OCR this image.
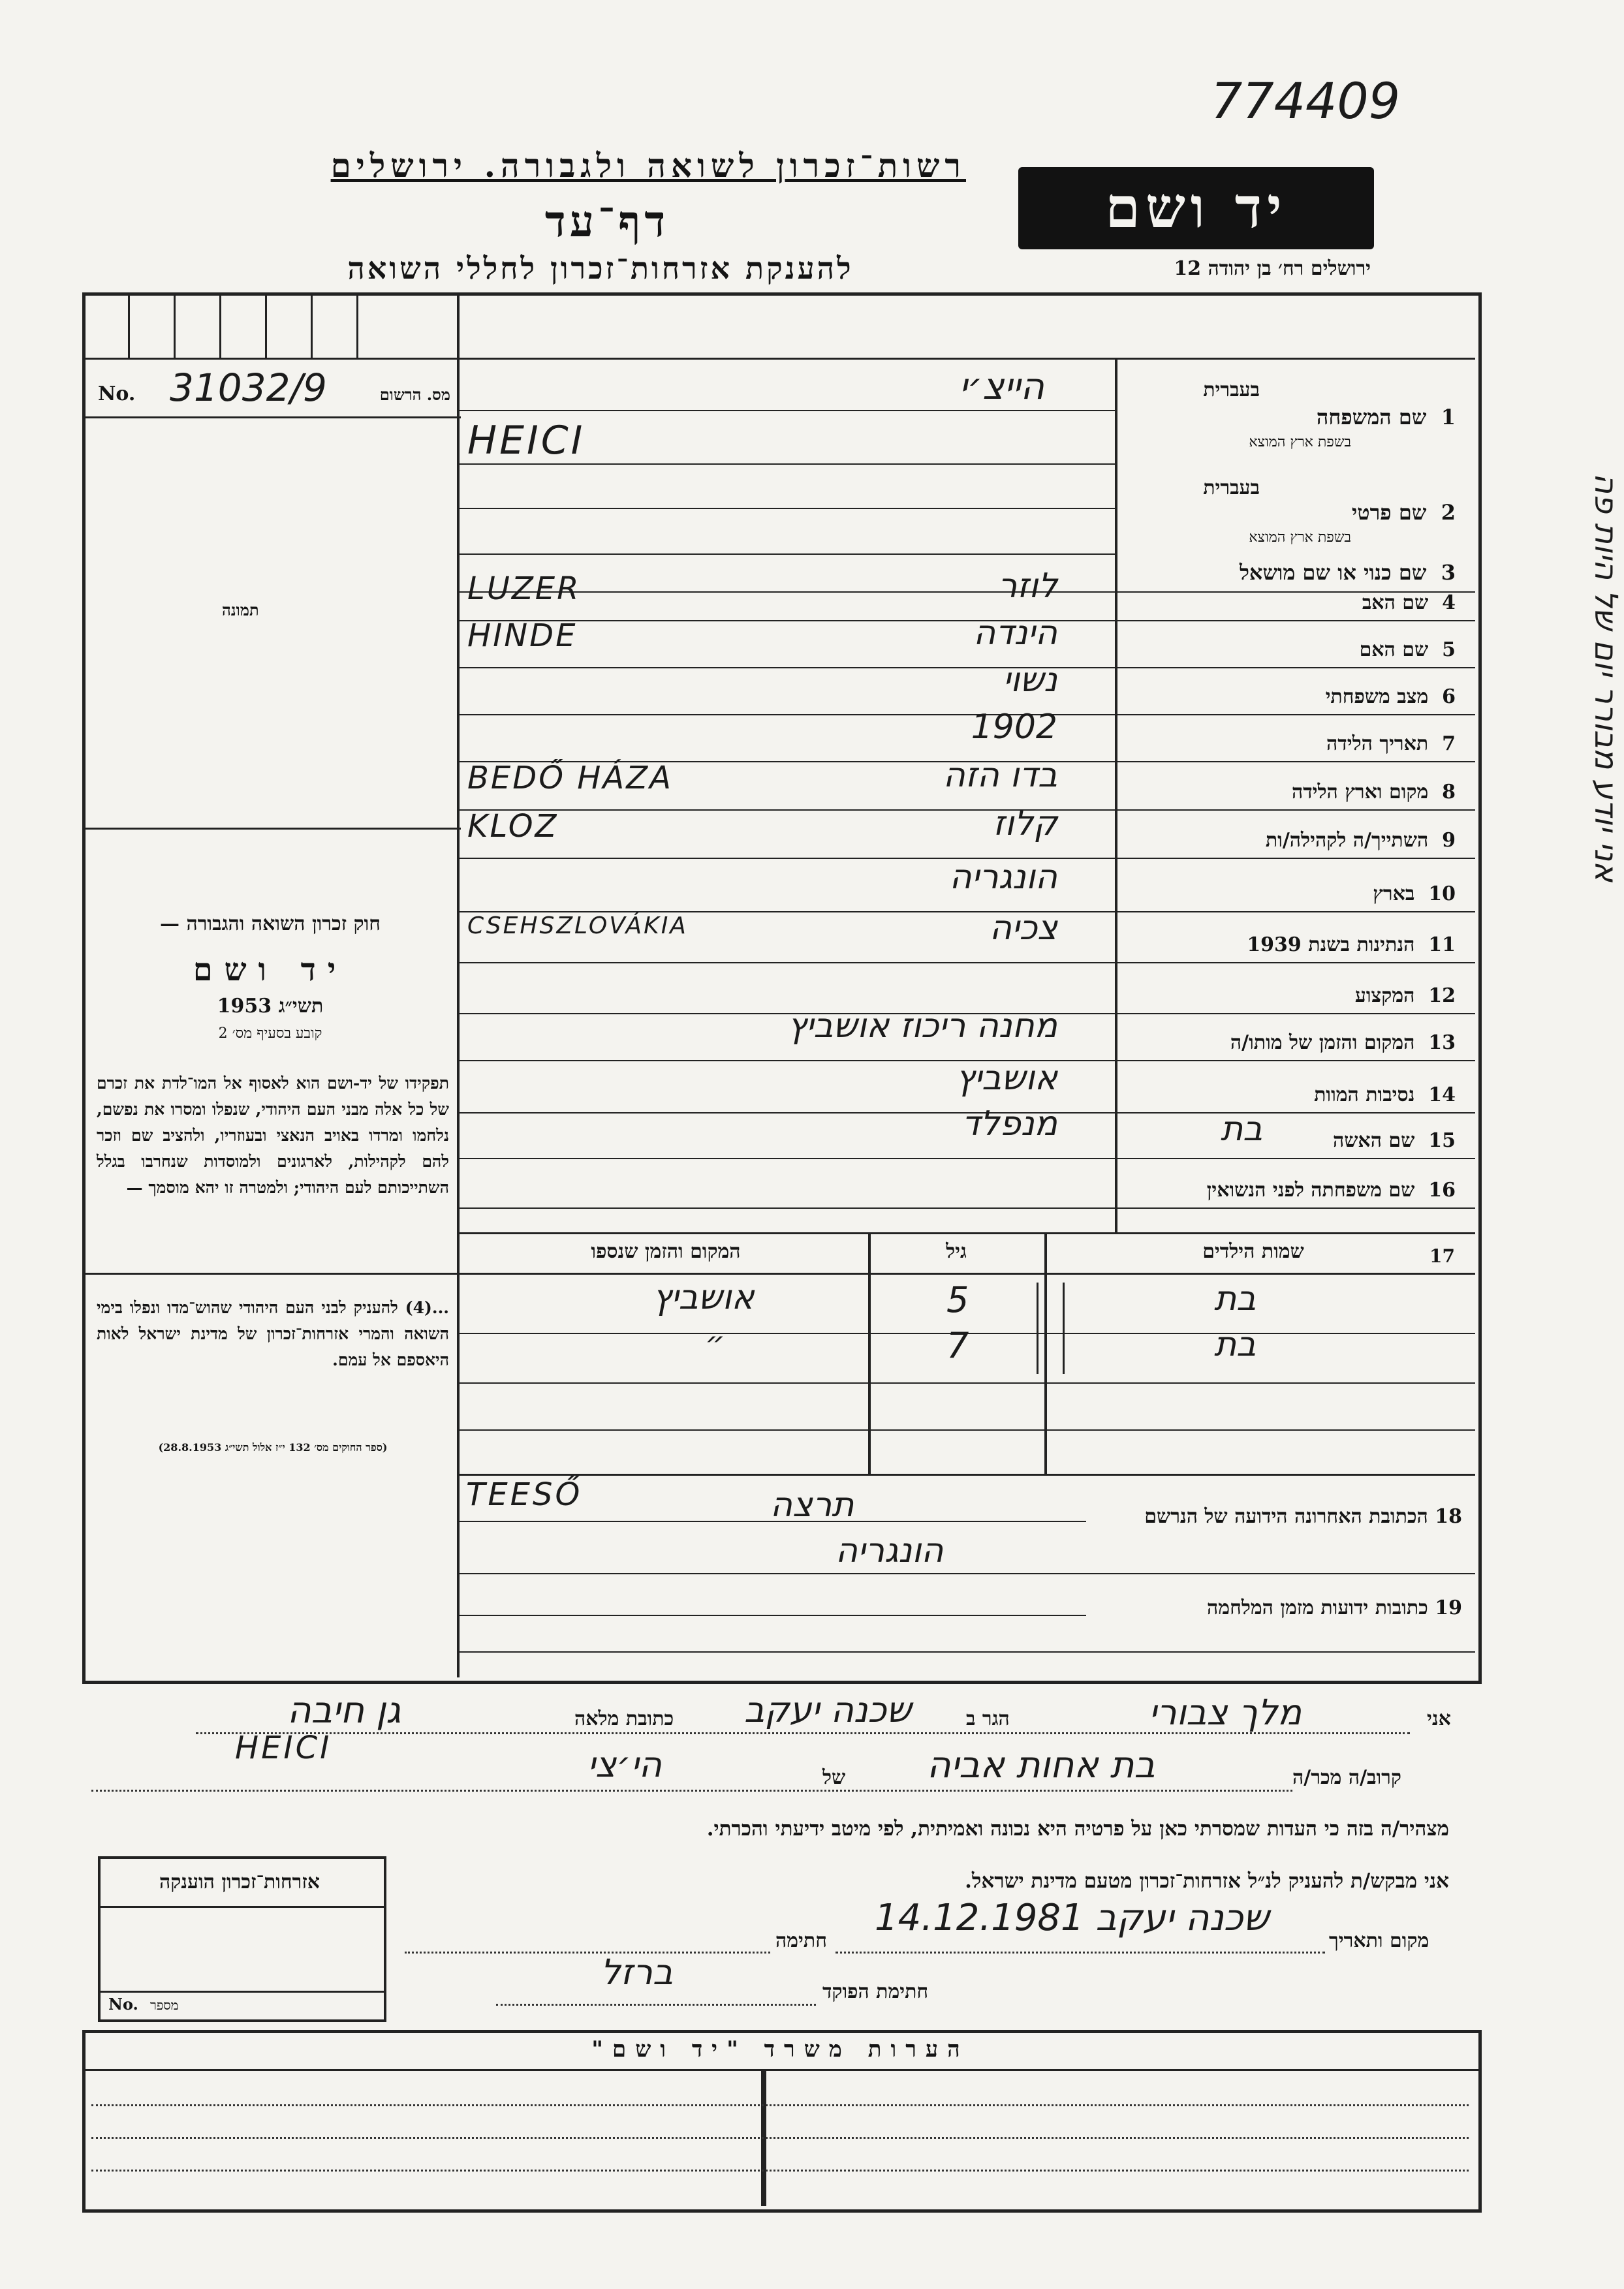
774409
רשות־זכרון לשואה ולגבורה. ירושלים
דף־עד
להענקת אזרחות־זכרון לחללי השואה
יד ושם
ירושלים רח׳ בן יהודה 12
No. 31032/9	מס. הרשום
תמונה
1  שם המשפחה
בעברית
בשפת ארץ המוצא
הייצ׳י
HEICI
2  שם פרטי
בעברית
בשפת ארץ המוצא
3  שם כנוי או שם מושאל
4  שם האב
לוזר
LUZER
5  שם האם
הינדה
HINDE
6  מצב משפחתי
נשוי
7  תאריך הלידה
1902
8  מקום וארץ הלידה
בדו הזה
BEDŐ HÁZA
9  השתייך/ה לקהילה/ות
קלוז
KLOZ
10  בארץ
הונגריה
11  הנתינות בשנת 1939
צכיה
CSEHSZLOVÁKIA
12  המקצוע
13  המקום והזמן של מותו/ה
מחנה ריכוז אושביץ
14  נסיבות המוות
אושביץ
15  שם האשה
מנפלד
16  שם משפחתה לפני הנשואין
בת
חוק זכרון השואה והגבורה —
יד ושם
תשי״ג 1953
קובע בסעיף מס׳ 2
תפקידו של יד-ושם הוא לאסוף אל המו־לדת את זכרם של כל אלה מבני העם היהודי, שנפלו ומסרו את נפשם, נלחמו ומרדו באויב הנאצי ובעוזריו, ולהציב שם וזכר להם לקהילות, לארגונים ולמוסדות שנחרבו בגלל השתייכותם לעם היהודי; ולמטרה זו יהא מוסמך —
...(4) להעניק לבני העם היהודי שהוש־מדו ונפלו בימי השואה והמרי אזרחות־זכרון של מדינת ישראל לאות היאספם אל עמם.
(ספר החוקים מס׳ 132 י״ז אלול תשי״ג 28.8.1953)
17
שמות הילדים
גיל
המקום והזמן שנספו
בת
5
אושביץ
בת
7
״
18 הכתובת האחרונה הידועה של הנרשם
TEESŐ	תרצה
הונגריה
19 כתובות ידועות מזמן המלחמה
אני
מלך צבורי
הגר ב
שכנה יעקב
כתובת מלאה
גן חיבה
קרוב/ה מכר/ה
בת אחות אביה
של
הי׳צי
HEICI
מצהיר/ה בזה כי העדות שמסרתי כאן על פרטיה היא נכונה ואמיתית, לפי מיטב ידיעתי והכרתי.
אני מבקש/ת להעניק לנ״ל אזרחות־זכרון מטעם מדינת ישראל.
מקום ותאריך
שכנה יעקב 14.12.1981
חתימה
חתימת הפוקד
ברזל
אזרחות־זכרון הוענקה
No. מספר
הערות משרד "יד ושם"
אני יודע מבורר יום של היות פה
